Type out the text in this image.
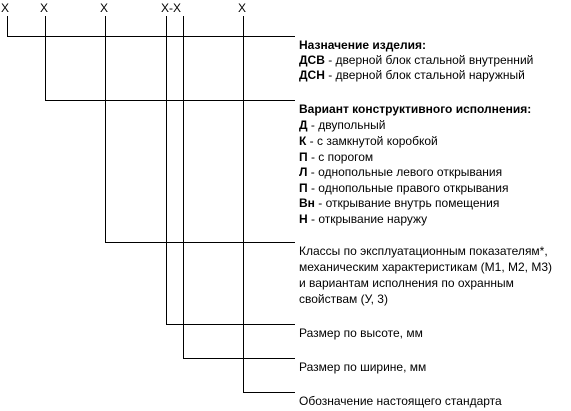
X	X	X	X-X	X
Назначение изделия:
ДСВ - дверной блок стальной внутренний
ДСН - дверной блок стальной наружный
Вариант конструктивного исполнения:
Д - двупольный
К - с замкнутой коробкой
П - с порогом
Л - однопольные левого открывания
П - однопольные правого открывания
Вн - открывание внутрь помещения
Н - открывание наружу
Классы по эксплуатационным показателям*,
механическим характеристикам (М1, М2, М3)
и вариантам исполнения по охранным
свойствам (У, 3)
Размер по высоте, мм
Размер по ширине, мм
Обозначение настоящего стандарта
